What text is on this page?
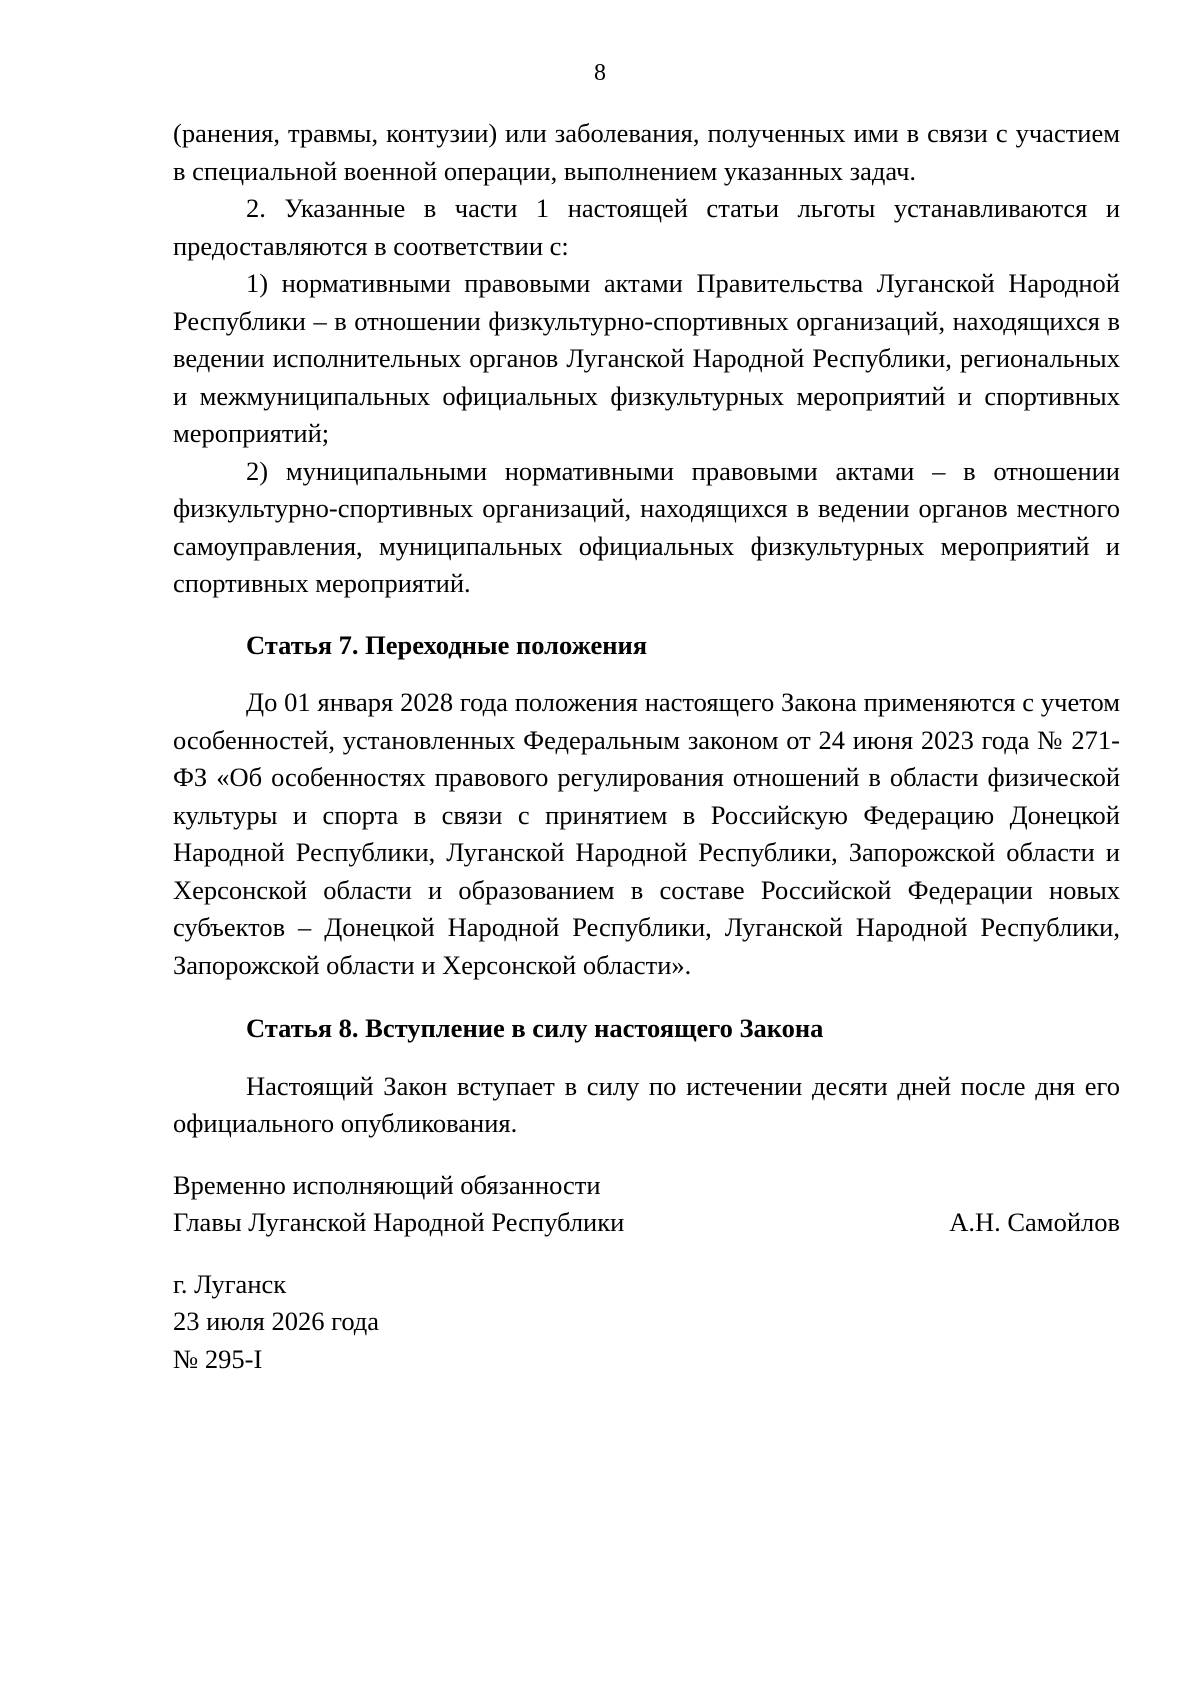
8

(ранения, травмы, контузии) или заболевания, полученных ими в связи с участием в специальной военной операции, выполнением указанных задач.

2. Указанные в части 1 настоящей статьи льготы устанавливаются и предоставляются в соответствии с:

1) нормативными правовыми актами Правительства Луганской Народной Республики – в отношении физкультурно-спортивных организаций, находящихся в ведении исполнительных органов Луганской Народной Республики, региональных и межмуниципальных официальных физкультурных мероприятий и спортивных мероприятий;

2) муниципальными нормативными правовыми актами – в отношении физкультурно-спортивных организаций, находящихся в ведении органов местного самоуправления, муниципальных официальных физкультурных мероприятий и спортивных мероприятий.

Статья 7. Переходные положения

До 01 января 2028 года положения настоящего Закона применяются с учетом особенностей, установленных Федеральным законом от 24 июня 2023 года № 271-ФЗ «Об особенностях правового регулирования отношений в области физической культуры и спорта в связи с принятием в Российскую Федерацию Донецкой Народной Республики, Луганской Народной Республики, Запорожской области и Херсонской области и образованием в составе Российской Федерации новых субъектов – Донецкой Народной Республики, Луганской Народной Республики, Запорожской области и Херсонской области».

Статья 8. Вступление в силу настоящего Закона

Настоящий Закон вступает в силу по истечении десяти дней после дня его официального опубликования.

Временно исполняющий обязанности
Главы Луганской Народной Республики	А.Н. Самойлов
г. Луганск
23 июля 2026 года
№ 295-I
